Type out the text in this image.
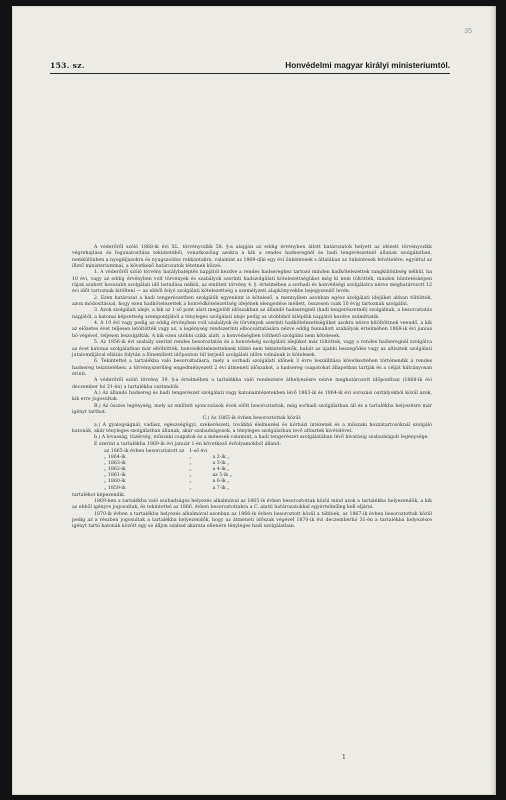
35
153. sz.	Honvédelmi magyar királyi ministeriumtól.

A véderőről szóló 1868-ik évi XL. törvényczikk 58. §-a alapján az eddig érvényben állott határozatok helyett az idézett törvényczikk végrehajtása és foganatosítása tekintetéből, vonatkozólag azokra a kik a rendes hadseregnél és hadi tengerészetnél állanak szolgálatban, nemkülönben a nyugdíjasokra és nyugszoldos rokkantakra, valamint az 1869-diki egy évi önkéntesek s általában az önkéntesek felvételére, egyúttal az illető ministeriummal, a következő határozatok tétetnek közzé:

1. A véderőről szóló törvény hatálybaléptés napjától kezdve a rendes hadsereghez tartozó minden hadkötelezettek rangkülönbség nélkül, ha 10 évi, vagy az eddig érvényben volt törvények és szabályok szerinti hadszolgálati kötelezettségüket még ki nem töltötték, minden büntetésképen rájok szabott hosszabb szolgálati idő betudása nélkül, az említett törvény 4. §. értelmében a sorhadi és honvédségi szolgálatra nézve meghatározott 12 évi időt tartoznak kitölteni — az ebből folyó szolgálati kötelezettség a személyzeti alapkönyvekbe bejegyzendő levén.

2. Ezen határozat a hadi tengerészetben szolgálók egyenkint is köteleső, a mennyiben azonban egész szolgálati idejüket abban töltötték, azon módosítással, hogy ezen hadkötelezettek a honvédkötelezettség idejének elengedése mellett, összesen csak 10 évig tartoznak szolgálni.

3. Azok szolgálati ideje, a kik az 1-ső pont alatt megjelölt időszakban az állandó hadseregnél (hadi tengerészetnél) szolgálnak, a besoroztatás napjától, a katonai képzettség szempontjából a tényleges szolgálati ideje pedig az utóbbiból kilépítik napjától kezdve számíttatik.

4. A 10 évi vagy pedig az eddig érvényben volt szabályok és törvények szerinti hadkötelezettségüket azokra nézve kitöltöttnek veendő, a kik az előzetes évet teljesen letöltötték vagy az, a legénység rendszerinti elbocsáttatására nézve eddig fennállott szabályok értelmében 1868-ik évi junius hó végével, teljesen leszolgálták. A kik ezen utóbbi czikk alatt, a honvédségben tölthető szolgálni nem kötelesek.

5. Az 1856-ik évi szabály szerint rendes besoroztatás és a honvédség szolgálati idejüket már töltöttek, vagy a rendes hadseregnél szolgálva az évet katonai szolgálatban már eltöltötték, honvédkötelezetteknek többé nem tekintethetők, habár az újabbi beszegődés vagy az altisztek szolgálati jutalomdíjával ellátás folytán a fönemlített időponton túl terjedő szolgálati időre volnának is kötelesek.

6. Tekintettel a tartalékba való besoroztatásra, mely a sorhadi szolgálati időnek 3 évre leszállítása következtében történendik a rendes hadsereg tekintetében, a törvényszerűleg engedményezett 2 évi átmeneti időszakot, a hadsereg csapatokat állapotban tartják és a célját hátrányosan érinti.

A véderőről szóló törvény 39. §-a értelmében a tartalékba való rendezésre áthelyezésre nézve meghatározott időpontban (1868-ik évi deczember hó 31-én) a tartalékba osztandók:

A.) Az állandó hadsereg és hadi tengerészet szolgálati vagy katonaintézetekben lévő 1863-ik és 1864-ik évi sorozási osztályokból közül azok, kik erre jogosultak.

B.) Az összes legénység, mely az említett ujoncozások évek előtt besoroztattak, még sorhadi szolgálatban áll és a tartalékba helyezésre már igényt tarthat.

C.) Az 1865-ik évben besoroztottak közül:

a.) A gyalogságnál, vadász, egészségügyi, szekerészeti, továbbá élelmezési és kórházi intézetek és a műszaki hozzátartozóknál szolgáló katonák, akár tényleges szolgálatban állanak, akár szabadságosok, a tényleges szolgálatban levő altisztek kivételével.

b.) A lovasság, tüzérség, műszaki csapatok és a ménesek valamint, a hadi tengerészet szolgálatában lévő hivatásig szabadságolt legénysége.

E szerint a tartalékba 1869-ik évi január 1-én következő évfolyamokból álland:

az 1865-ik évben besoroztatott az	1-ső évi	
„ 1864-ik	„	a 2-ik „
„ 1863-ik	„	a 3-ik „
„ 1862-ik	„	a 4-ik „
„ 1861-ik	„	az 5-ik „
„ 1860-ik	„	a 6-ik „
„ 1859-ik	„	a 7-ik „

tartalékot képezendik.

1869-ben a tartalékba való szabadságos helyezés alkalmával az 1865-ik évben besoroztottak közül mind azok a tartalékba helyezendők, a kik az ebből igényre jogosultak, és tekintettel az 1866. évben besoroztottakra a C. alatti határozatokkal egyértelműleg kell eljárni.

1870-ik évben a tartalékba helyezés alkalmával azonban az 1866-ik évben besoroztott közül a többiek, az 1867-ik évben besoroztottak közül pedig az a részben jogosultak a tartalékba helyezendők, hogy az átmeneti időszak végével 1870-ik évi deczemberhó 31-én a tartalékba helyezésre igényt tartó katonák között egy se álljon szabad akarata ellenére tényleges hadi szolgálatban.

1
